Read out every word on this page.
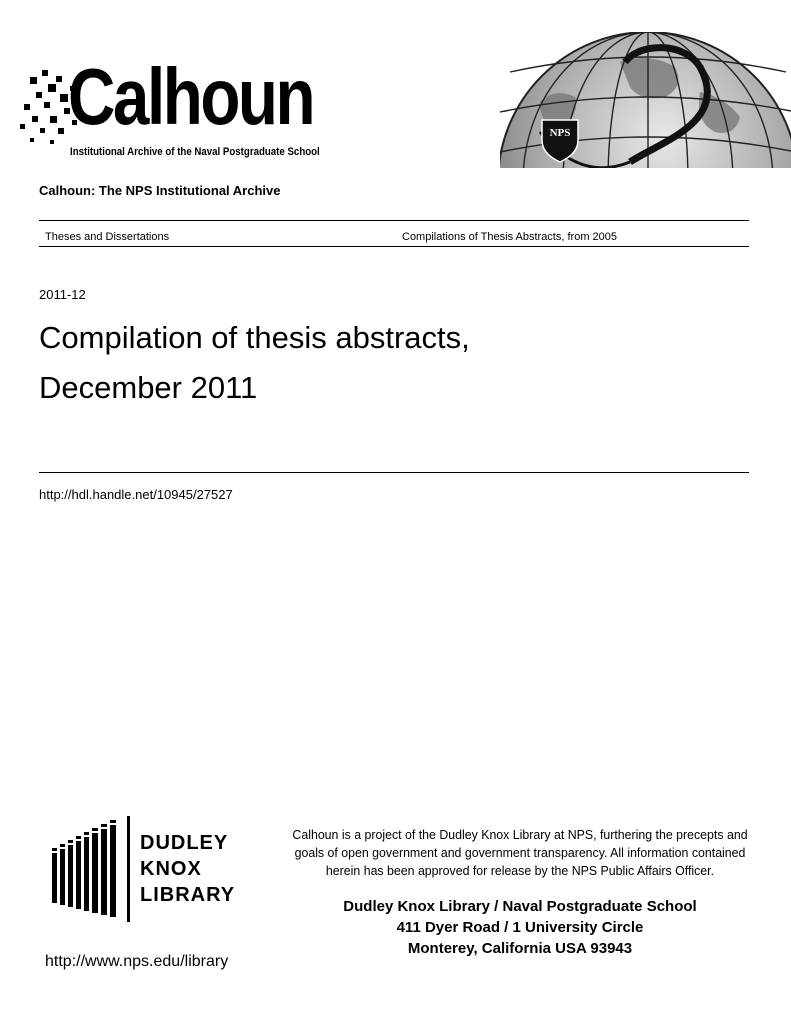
Calhoun
Institutional Archive of the Naval Postgraduate School
NPS
Calhoun: The NPS Institutional Archive
Theses and Dissertations	Compilations of Thesis Abstracts, from 2005
2011-12
Compilation of thesis abstracts,
December 2011
http://hdl.handle.net/10945/27527
DUDLEY
KNOX
LIBRARY
Calhoun is a project of the Dudley Knox Library at NPS, furthering the precepts and
goals of open government and government transparency. All information contained
herein has been approved for release by the NPS Public Affairs Officer.
Dudley Knox Library / Naval Postgraduate School
411 Dyer Road / 1 University Circle
Monterey, California USA 93943
http://www.nps.edu/library
